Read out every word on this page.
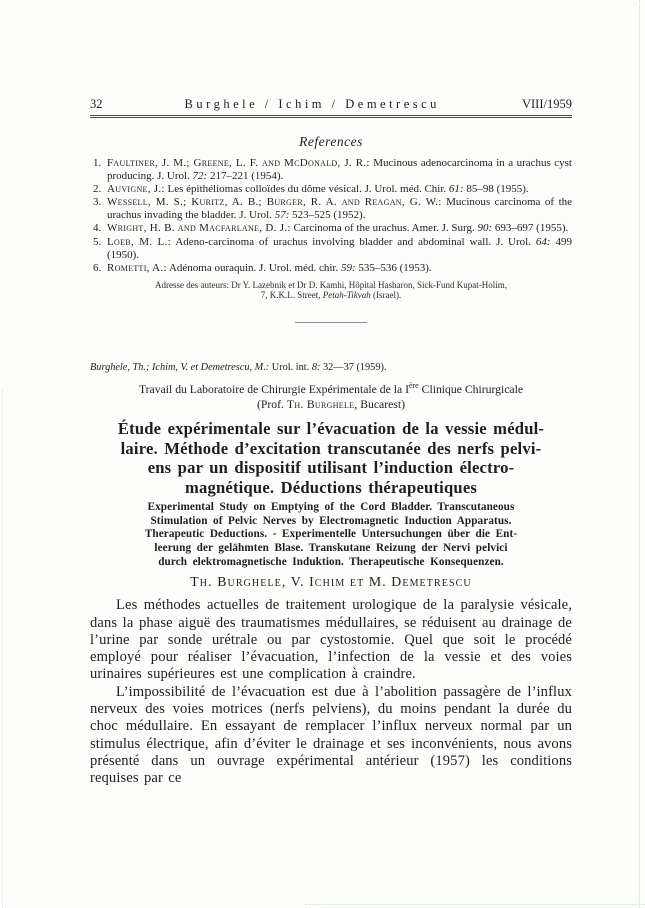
32	Burghele / Ichim / Demetrescu	VIII/1959
References
1. Faultiner, J. M.; Greene, L. F. and McDonald, J. R.: Mucinous adenocarcinoma in a urachus cyst producing. J. Urol. 72: 217–221 (1954).
2. Auvigne, J.: Les épithéliomas colloïdes du dôme vésical. J. Urol. méd. Chir. 61: 85–98 (1955).
3. Wessell, M. S.; Kuritz, A. B.; Burger, R. A. and Reagan, G. W.: Mucinous carcinoma of the urachus invading the bladder. J. Urol. 57: 523–525 (1952).
4. Wright, H. B. and Macfarlane, D. J.: Carcinoma of the urachus. Amer. J. Surg. 90: 693–697 (1955).
5. Loeb, M. L.: Adeno-carcinoma of urachus involving bladder and abdominal wall. J. Urol. 64: 499 (1950).
6. Rometti, A.: Adénoma ouraquin. J. Urol. méd. chir. 59: 535–536 (1953).
Adresse des auteurs: Dr Y. Lazebnik et Dr D. Kamhi, Hôpital Hasharon, Sick-Fund Kupat-Holim,
7, K.K.L. Street, Petah-Tikvah (Israel).
Burghele, Th.; Ichim, V. et Demetrescu, M.: Urol. int. 8: 32—37 (1959).
Travail du Laboratoire de Chirurgie Expérimentale de la Ière Clinique Chirurgicale
(Prof. Th. Burghele, Bucarest)
Étude expérimentale sur l’évacuation de la vessie médul-
laire. Méthode d’excitation transcutanée des nerfs pelvi-
ens par un dispositif utilisant l’induction électro-
magnétique. Déductions thérapeutiques
Experimental Study on Emptying of the Cord Bladder. Transcutaneous
Stimulation of Pelvic Nerves by Electromagnetic Induction Apparatus.
Therapeutic Deductions. - Experimentelle Untersuchungen über die Ent-
leerung der gelähmten Blase. Transkutane Reizung der Nervi pelvici
durch elektromagnetische Induktion. Therapeutische Konsequenzen.
Th. Burghele, V. Ichim et M. Demetrescu

Les méthodes actuelles de traitement urologique de la paralysie vésicale, dans la phase aiguë des traumatismes médullaires, se réduisent au drainage de l’urine par sonde urétrale ou par cystostomie. Quel que soit le procédé employé pour réaliser l’évacuation, l’infection de la vessie et des voies urinaires supérieures est une complication à craindre.

L’impossibilité de l’évacuation est due à l’abolition passagère de l’influx nerveux des voies motrices (nerfs pelviens), du moins pendant la durée du choc médullaire. En essayant de remplacer l’influx nerveux normal par un stimulus électrique, afin d’éviter le drainage et ses inconvénients, nous avons présenté dans un ouvrage expérimental antérieur (1957) les conditions requises par ce
